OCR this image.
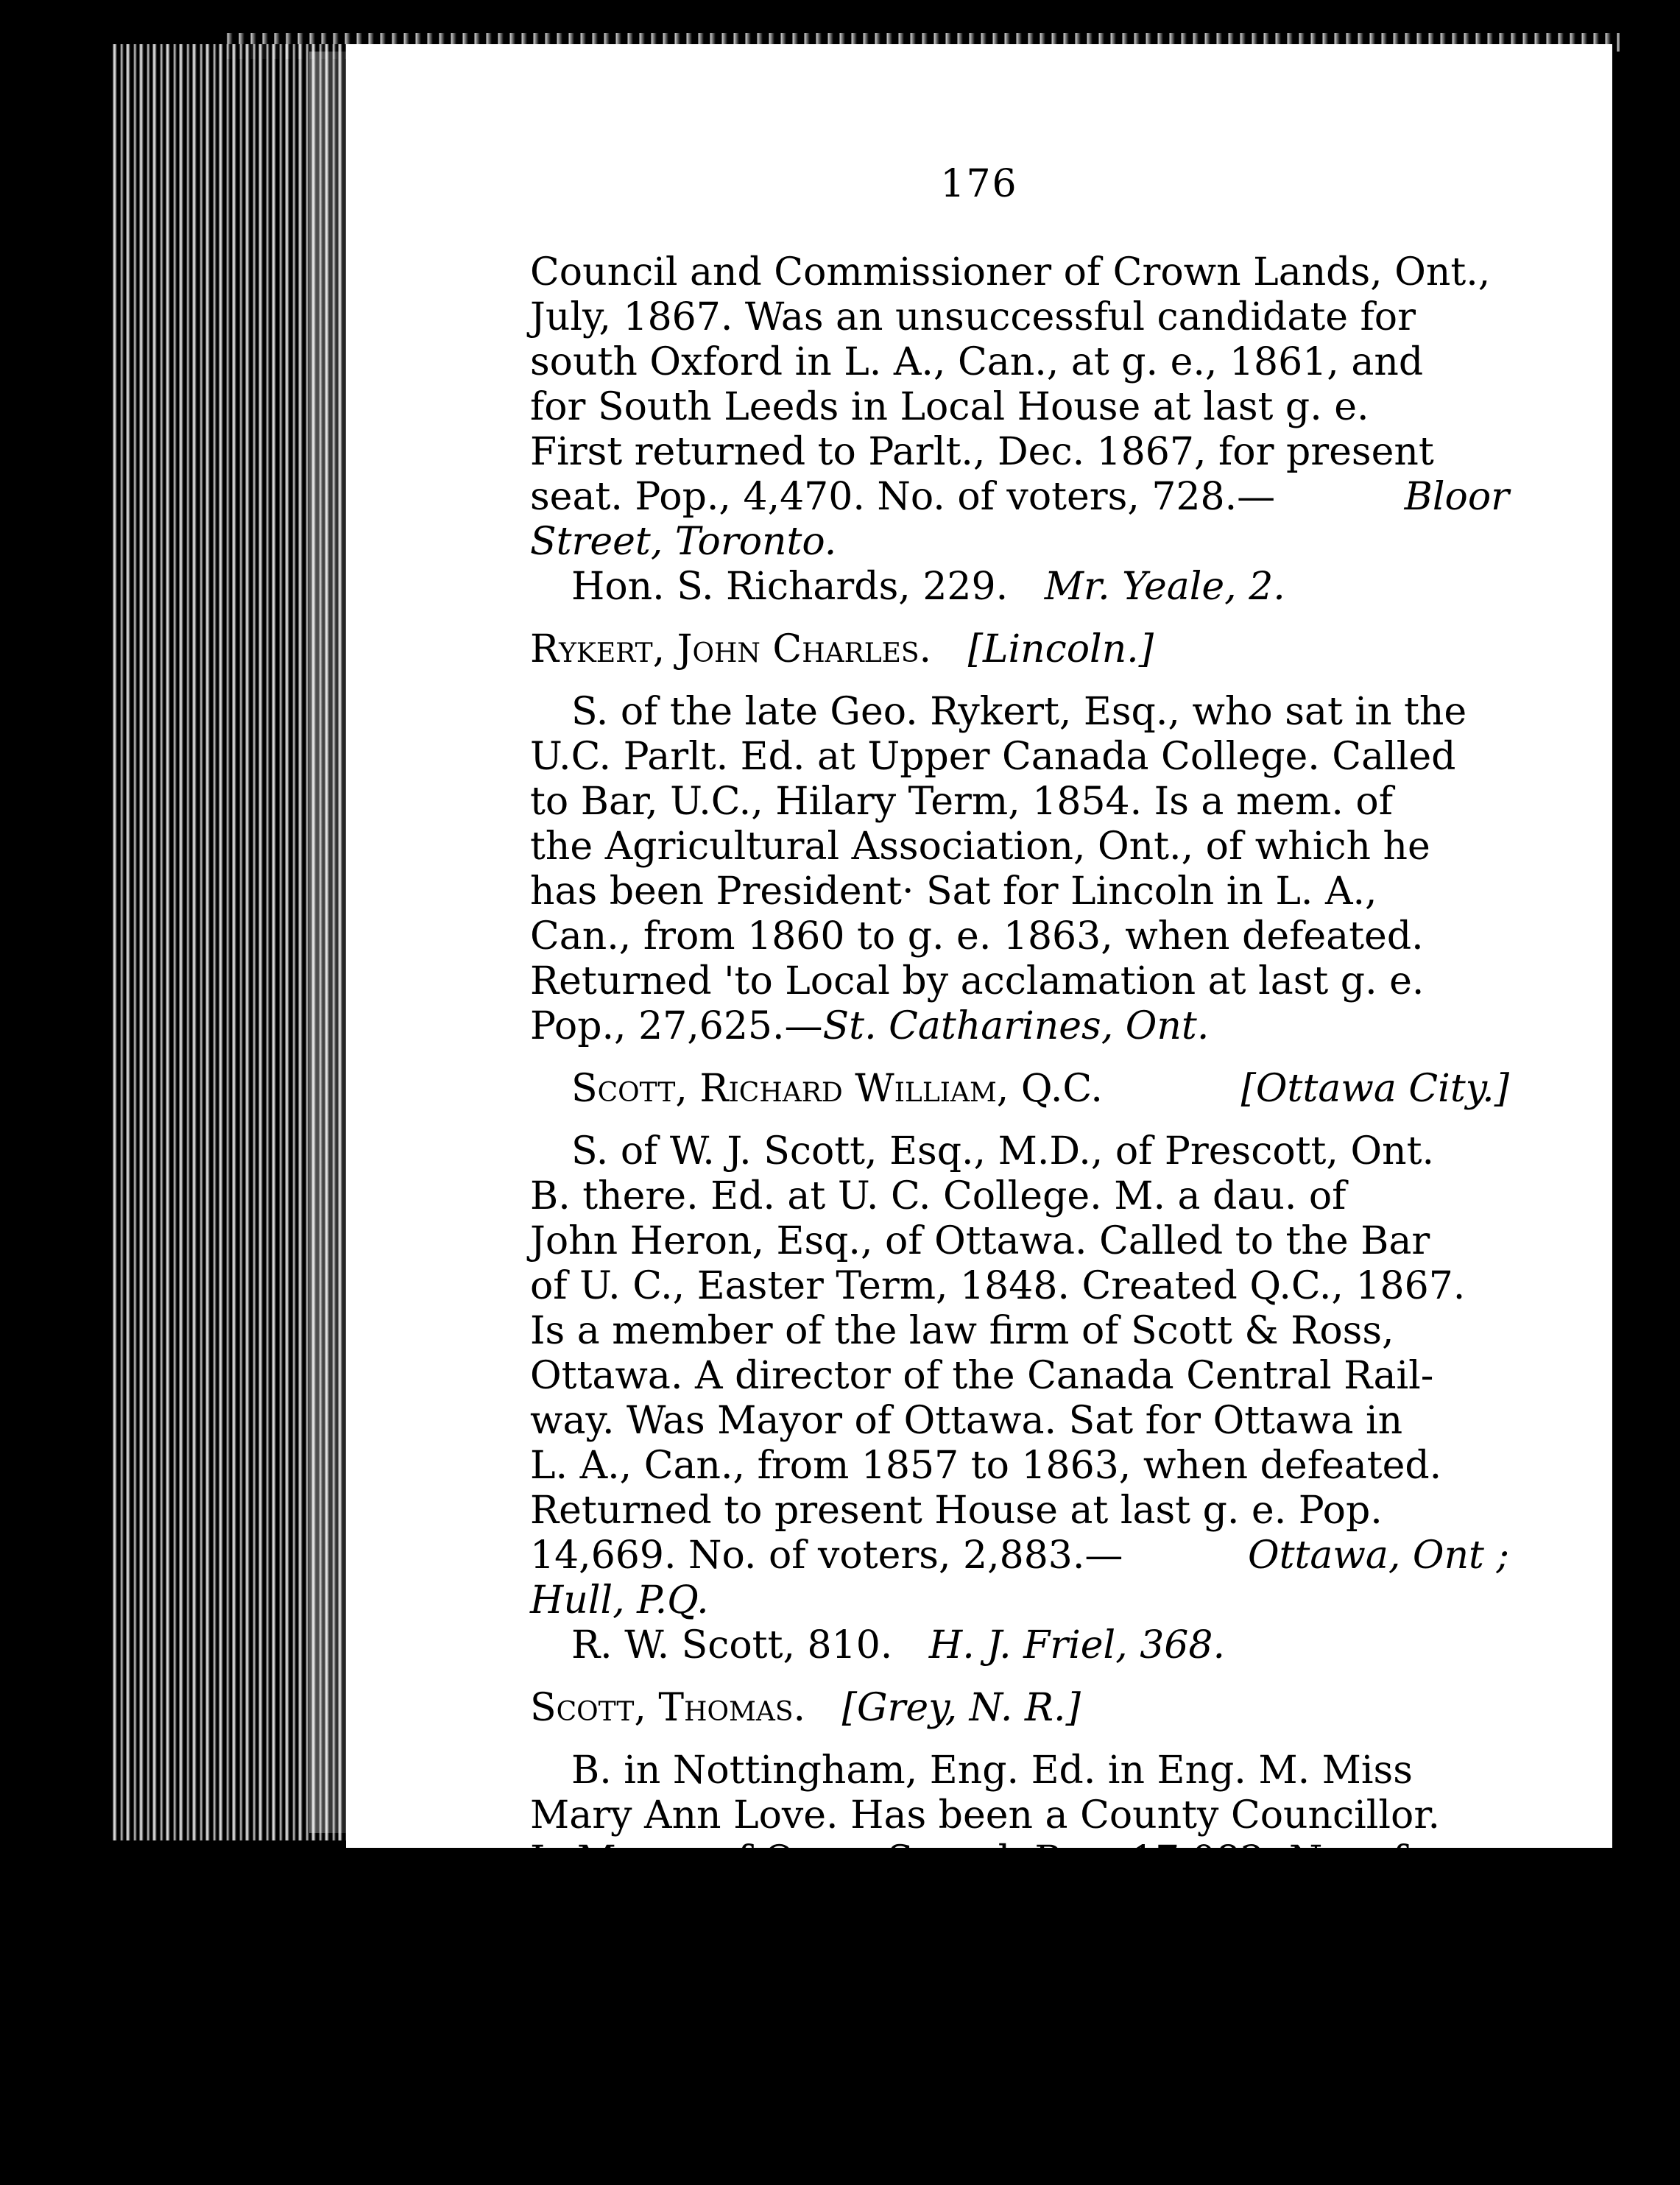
176
Council and Commissioner of Crown Lands, Ont.,
July, 1867. Was an unsuccessful candidate for
south Oxford in L. A., Can., at g. e., 1861, and
for South Leeds in Local House at last g. e.
First returned to Parlt., Dec. 1867, for present
seat. Pop., 4,470. No. of voters, 728.—	Bloor
Street, Toronto.
Hon. S. Richards, 229.
Mr. Yeale, 2.
Rykert, John Charles.
[Lincoln.]
S. of the late Geo. Rykert, Esq., who sat in the
U.C. Parlt. Ed. at Upper Canada College. Called
to Bar, U.C., Hilary Term, 1854. Is a mem. of
the Agricultural Association, Ont., of which he
has been President· Sat for Lincoln in L. A.,
Can., from 1860 to g. e. 1863, when defeated.
Returned 'to Local by acclamation at last g. e.
Pop., 27,625.— St. Catharines, Ont.
Scott, Richard William, Q.C.	[Ottawa City.]
S. of W. J. Scott, Esq., M.D., of Prescott, Ont.
B. there. Ed. at U. C. College. M. a dau. of
John Heron, Esq., of Ottawa. Called to the Bar
of U. C., Easter Term, 1848. Created Q.C., 1867.
Is a member of the law firm of Scott & Ross,
Ottawa. A director of the Canada Central Rail-
way. Was Mayor of Ottawa. Sat for Ottawa in
L. A., Can., from 1857 to 1863, when defeated.
Returned to present House at last g. e. Pop.
14,669. No. of voters, 2,883.—	Ottawa, Ont ;
Hull, P.Q.
R. W. Scott, 810.
H. J. Friel, 368.
Scott, Thomas.
[Grey, N. R.]
B. in Nottingham, Eng. Ed. in Eng. M. Miss
Mary Ann Love. Has been a County Councillor.
Is Mayor of Owen Sound. Pop. 17,082. No. of
voters. 3,478.— Owen Sound, Ont.
T. Scott, 1,430.
J. Couper, 1,162.
